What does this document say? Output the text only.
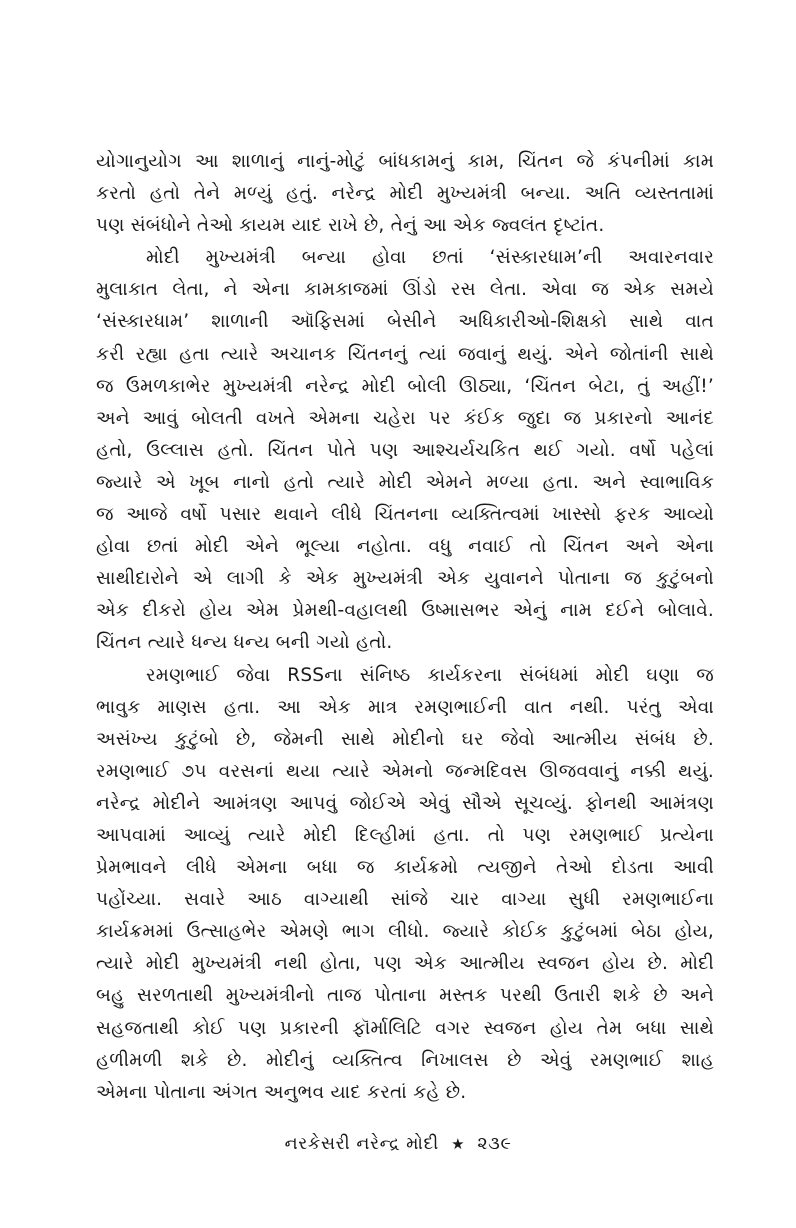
યોગાનુયોગ આ શાળાનું નાનું-મોટું બાંધકામનું કામ, ચિંતન જે કંપનીમાં કામ
કરતો હતો તેને મળ્યું હતું. નરેન્દ્ર મોદી મુખ્યમંત્રી બન્યા. અતિ વ્યસ્તતામાં
પણ સંબંધોને તેઓ કાયમ યાદ રાખે છે, તેનું આ એક જ્વલંત દૃષ્ટાંત.
મોદી મુખ્યમંત્રી બન્યા હોવા છતાં ‘સંસ્કારધામ’ની અવારનવાર
મુલાકાત લેતા, ને એના કામકાજમાં ઊંડો રસ લેતા. એવા જ એક સમયે
‘સંસ્કારધામ’ શાળાની ઑફિસમાં બેસીને અધિકારીઓ-શિક્ષકો સાથે વાત
કરી રહ્યા હતા ત્યારે અચાનક ચિંતનનું ત્યાં જવાનું થયું. એને જોતાંની સાથે
જ ઉમળકાભેર મુખ્યમંત્રી નરેન્દ્ર મોદી બોલી ઊઠ્યા, ‘ચિંતન બેટા, તું અહીં!’
અને આવું બોલતી વખતે એમના ચહેરા પર કંઈક જુદા જ પ્રકારનો આનંદ
હતો, ઉલ્લાસ હતો. ચિંતન પોતે પણ આશ્ચર્યચકિત થઈ ગયો. વર્ષો પહેલાં
જ્યારે એ ખૂબ નાનો હતો ત્યારે મોદી એમને મળ્યા હતા. અને સ્વાભાવિક
જ આજે વર્ષો પસાર થવાને લીધે ચિંતનના વ્યક્તિત્વમાં ખાસ્સો ફરક આવ્યો
હોવા છતાં મોદી એને ભૂલ્યા નહોતા. વધુ નવાઈ તો ચિંતન અને એના
સાથીદારોને એ લાગી કે એક મુખ્યમંત્રી એક યુવાનને પોતાના જ કુટુંબનો
એક દીકરો હોય એમ પ્રેમથી-વહાલથી ઉષ્માસભર એનું નામ દઈને બોલાવે.
ચિંતન ત્યારે ધન્ય ધન્ય બની ગયો હતો.
રમણભાઈ જેવા RSSના સંનિષ્ઠ કાર્યકરના સંબંધમાં મોદી ઘણા જ
ભાવુક માણસ હતા. આ એક માત્ર રમણભાઈની વાત નથી. પરંતુ એવા
અસંખ્ય કુટુંબો છે, જેમની સાથે મોદીનો ઘર જેવો આત્મીય સંબંધ છે.
રમણભાઈ ૭૫ વરસનાં થયા ત્યારે એમનો જન્મદિવસ ઊજવવાનું નક્કી થયું.
નરેન્દ્ર મોદીને આમંત્રણ આપવું જોઈએ એવું સૌએ સૂચવ્યું. ફોનથી આમંત્રણ
આપવામાં આવ્યું ત્યારે મોદી દિલ્હીમાં હતા. તો પણ રમણભાઈ પ્રત્યેના
પ્રેમભાવને લીધે એમના બધા જ કાર્યક્રમો ત્યજીને તેઓ દોડતા આવી
પહોંચ્યા. સવારે આઠ વાગ્યાથી સાંજે ચાર વાગ્યા સુધી રમણભાઈના
કાર્યક્રમમાં ઉત્સાહભેર એમણે ભાગ લીધો. જ્યારે કોઈક કુટુંબમાં બેઠા હોય,
ત્યારે મોદી મુખ્યમંત્રી નથી હોતા, પણ એક આત્મીય સ્વજન હોય છે. મોદી
બહુ સરળતાથી મુખ્યમંત્રીનો તાજ પોતાના મસ્તક પરથી ઉતારી શકે છે અને
સહજતાથી કોઈ પણ પ્રકારની ફૉર્માલિટિ વગર સ્વજન હોય તેમ બધા સાથે
હળીમળી શકે છે. મોદીનું વ્યક્તિત્વ નિખાલસ છે એવું રમણભાઈ શાહ
એમના પોતાના અંગત અનુભવ યાદ કરતાં કહે છે.
નરકેસરી નરેન્દ્ર મોદી ★ ૨૩૯
